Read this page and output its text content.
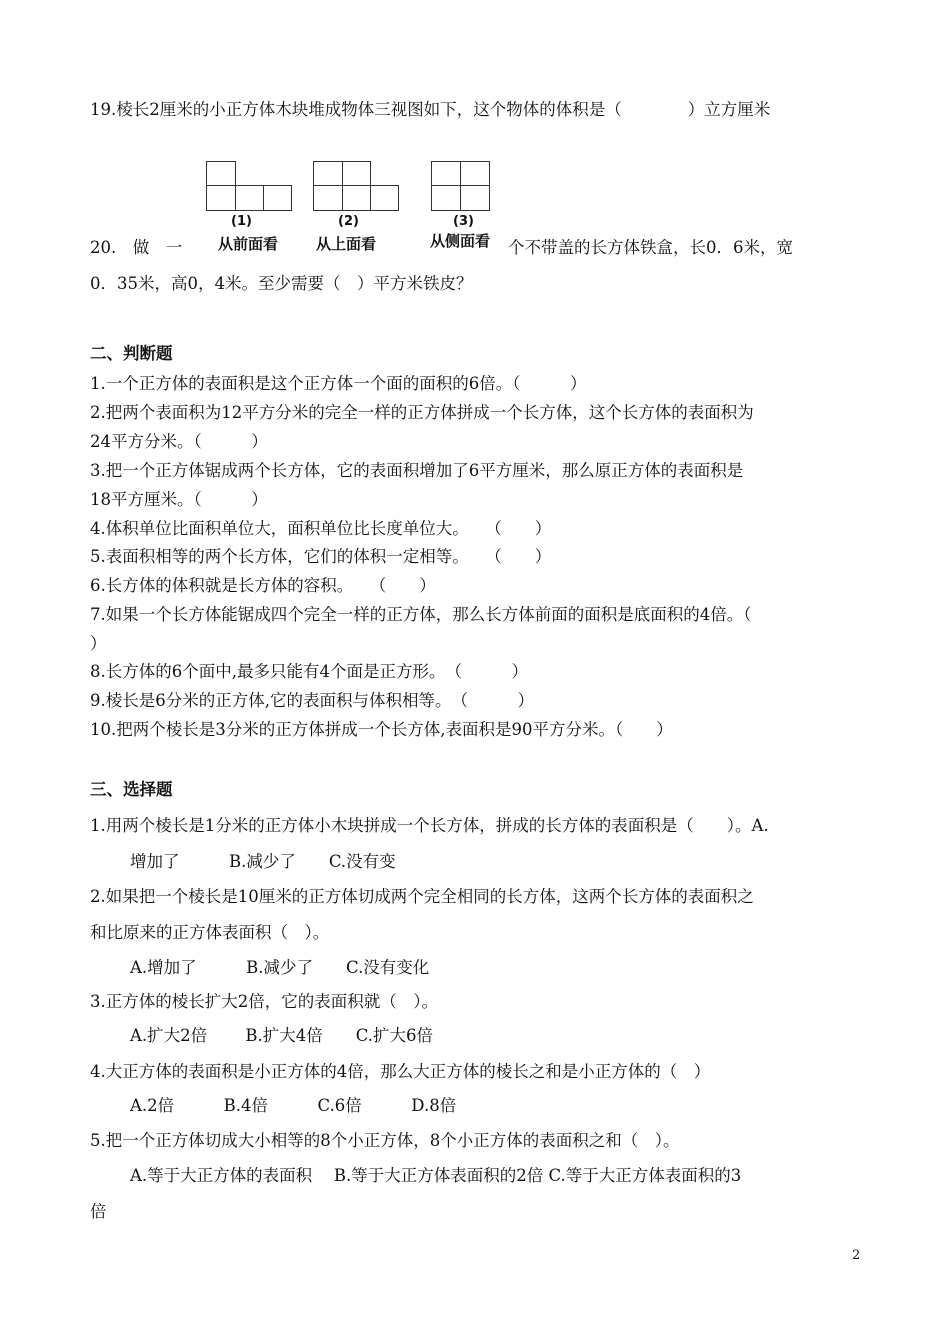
19.棱长2厘米的小正方体木块堆成物体三视图如下，这个物体的体积是（　　　　）立方厘米
(1)	(2)	(3)
从前面看	从上面看	从侧面看
20.　做　一	个不带盖的长方体铁盒，长0．6米，宽
0．35米，高0，4米。至少需要（　）平方米铁皮？
二、判断题
1.一个正方体的表面积是这个正方体一个面的面积的6倍。（　　　）
2.把两个表面积为12平方分米的完全一样的正方体拼成一个长方体，这个长方体的表面积为
24平方分米。（　　　）
3.把一个正方体锯成两个长方体，它的表面积增加了6平方厘米，那么原正方体的表面积是
18平方厘米。（　　　）
4.体积单位比面积单位大，面积单位比长度单位大。　　（　　）
5.表面积相等的两个长方体，它们的体积一定相等。　　（　　）
6.长方体的体积就是长方体的容积。　　（　　）
7.如果一个长方体能锯成四个完全一样的正方体，那么长方体前面的面积是底面积的4倍。（
）
8.长方体的6个面中,最多只能有4个面是正方形。　（　　　）
9.棱长是6分米的正方体,它的表面积与体积相等。　（　　　）
10.把两个棱长是3分米的正方体拼成一个长方体,表面积是90平方分米。（　　）
三、选择题
1.用两个棱长是1分米的正方体小木块拼成一个长方体，拼成的长方体的表面积是（　　）。A.
增加了　　　B.减少了　　C.没有变
2.如果把一个棱长是10厘米的正方体切成两个完全相同的长方体，这两个长方体的表面积之
和比原来的正方体表面积（　）。
A.增加了　　　B.减少了　　C.没有变化
3.正方体的棱长扩大2倍，它的表面积就（　）。
A.扩大2倍　　 B.扩大4倍　　C.扩大6倍
4.大正方体的表面积是小正方体的4倍，那么大正方体的棱长之和是小正方体的（　）
A.2倍　　　B.4倍　　　C.6倍　　　D.8倍
5.把一个正方体切成大小相等的8个小正方体，8个小正方体的表面积之和（　）。
A.等于大正方体的表面积　 B.等于大正方体表面积的2倍 C.等于大正方体表面积的3
倍
2
